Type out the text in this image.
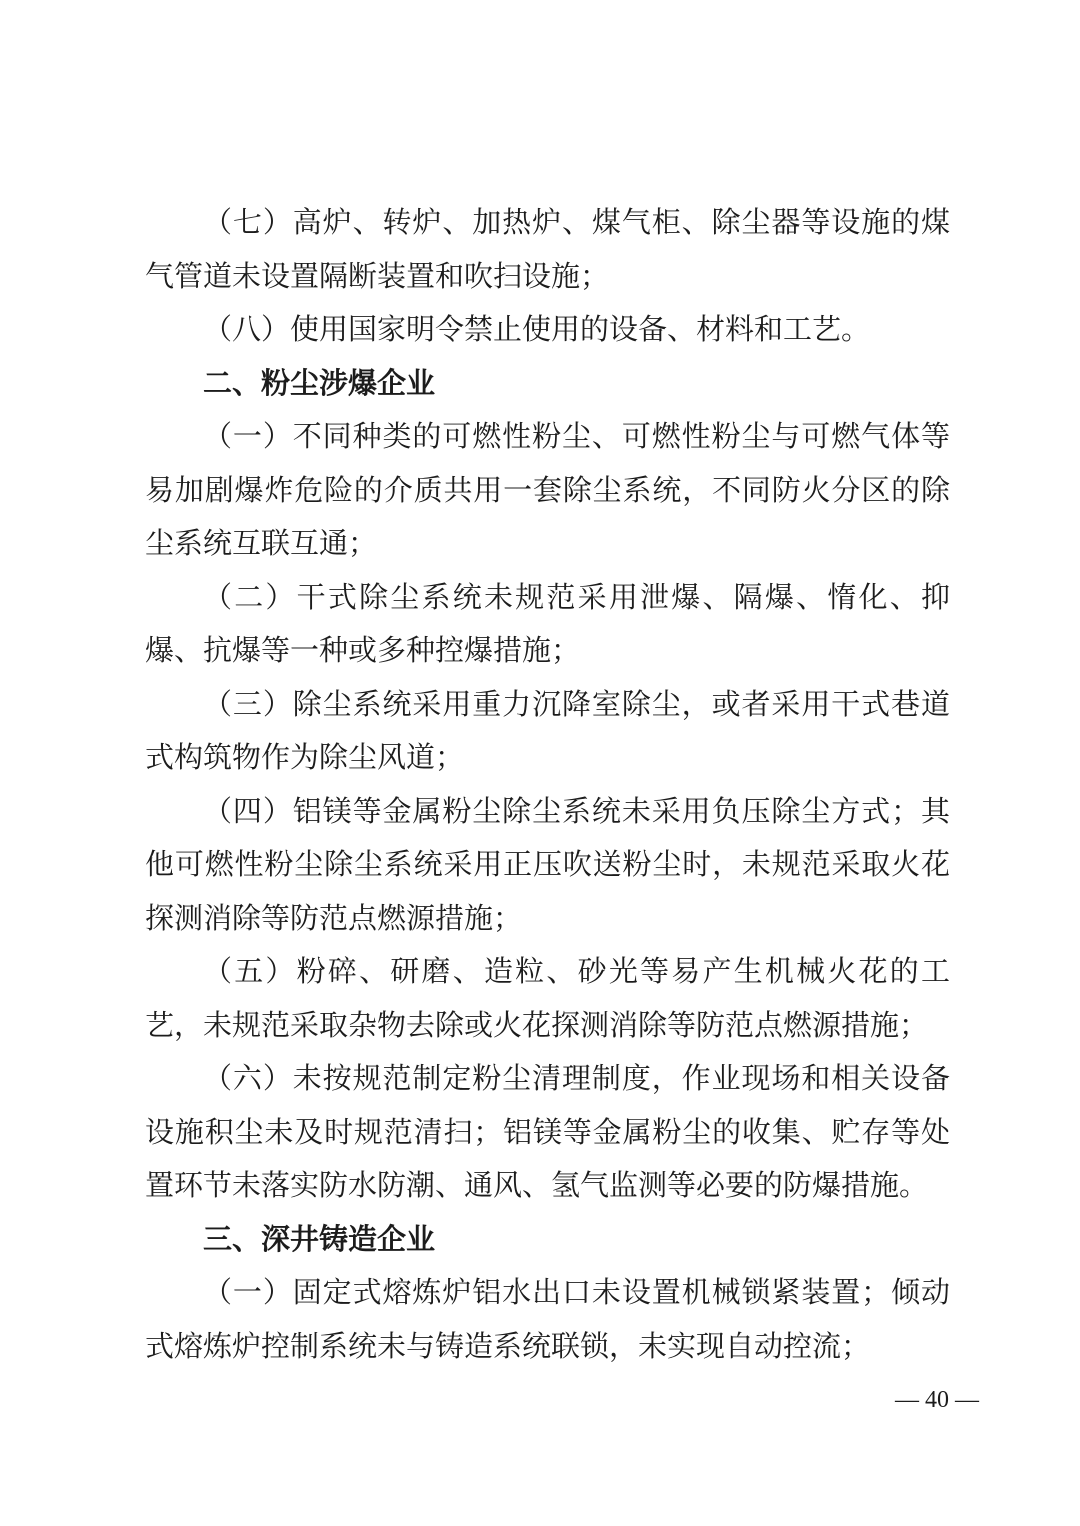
（七）高炉、转炉、加热炉、煤气柜、除尘器等设施的煤气管道未设置隔断装置和吹扫设施；

（八）使用国家明令禁止使用的设备、材料和工艺。

二、粉尘涉爆企业

（一）不同种类的可燃性粉尘、可燃性粉尘与可燃气体等易加剧爆炸危险的介质共用一套除尘系统，不同防火分区的除尘系统互联互通；

（二）干式除尘系统未规范采用泄爆、隔爆、惰化、抑爆、抗爆等一种或多种控爆措施；

（三）除尘系统采用重力沉降室除尘，或者采用干式巷道式构筑物作为除尘风道；

（四）铝镁等金属粉尘除尘系统未采用负压除尘方式；其他可燃性粉尘除尘系统采用正压吹送粉尘时，未规范采取火花探测消除等防范点燃源措施；

（五）粉碎、研磨、造粒、砂光等易产生机械火花的工艺，未规范采取杂物去除或火花探测消除等防范点燃源措施；

（六）未按规范制定粉尘清理制度，作业现场和相关设备设施积尘未及时规范清扫；铝镁等金属粉尘的收集、贮存等处置环节未落实防水防潮、通风、氢气监测等必要的防爆措施。

三、深井铸造企业

（一）固定式熔炼炉铝水出口未设置机械锁紧装置；倾动式熔炼炉控制系统未与铸造系统联锁，未实现自动控流；

— 40 —
